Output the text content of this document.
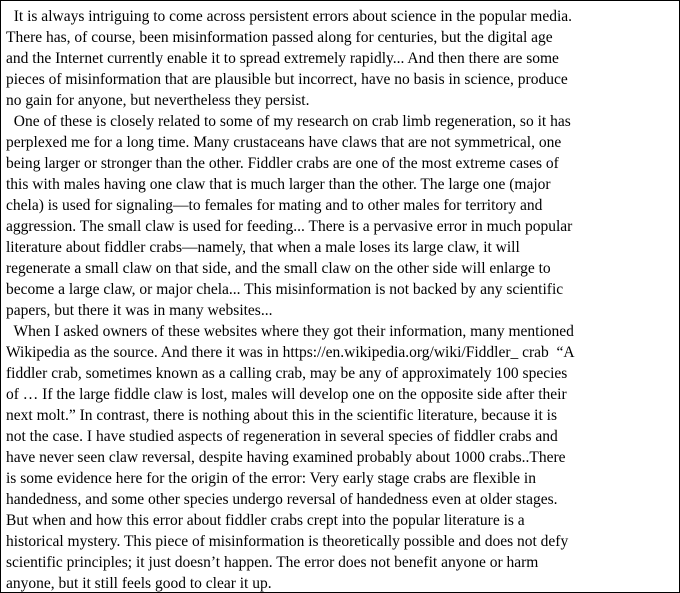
It is always intriguing to come across persistent errors about science in the popular media.
There has, of course, been misinformation passed along for centuries, but the digital age
and the Internet currently enable it to spread extremely rapidly... And then there are some
pieces of misinformation that are plausible but incorrect, have no basis in science, produce
no gain for anyone, but nevertheless they persist.
One of these is closely related to some of my research on crab limb regeneration, so it has
perplexed me for a long time. Many crustaceans have claws that are not symmetrical, one
being larger or stronger than the other. Fiddler crabs are one of the most extreme cases of
this with males having one claw that is much larger than the other. The large one (major
chela) is used for signaling—to females for mating and to other males for territory and
aggression. The small claw is used for feeding... There is a pervasive error in much popular
literature about fiddler crabs—namely, that when a male loses its large claw, it will
regenerate a small claw on that side, and the small claw on the other side will enlarge to
become a large claw, or major chela... This misinformation is not backed by any scientific
papers, but there it was in many websites...
When I asked owners of these websites where they got their information, many mentioned
Wikipedia as the source. And there it was in https://en.wikipedia.org/wiki/Fiddler_ crab  “A
fiddler crab, sometimes known as a calling crab, may be any of approximately 100 species
of … If the large fiddle claw is lost, males will develop one on the opposite side after their
next molt.” In contrast, there is nothing about this in the scientific literature, because it is
not the case. I have studied aspects of regeneration in several species of fiddler crabs and
have never seen claw reversal, despite having examined probably about 1000 crabs..There
is some evidence here for the origin of the error: Very early stage crabs are flexible in
handedness, and some other species undergo reversal of handedness even at older stages.
But when and how this error about fiddler crabs crept into the popular literature is a
historical mystery. This piece of misinformation is theoretically possible and does not defy
scientific principles; it just doesn’t happen. The error does not benefit anyone or harm
anyone, but it still feels good to clear it up.
